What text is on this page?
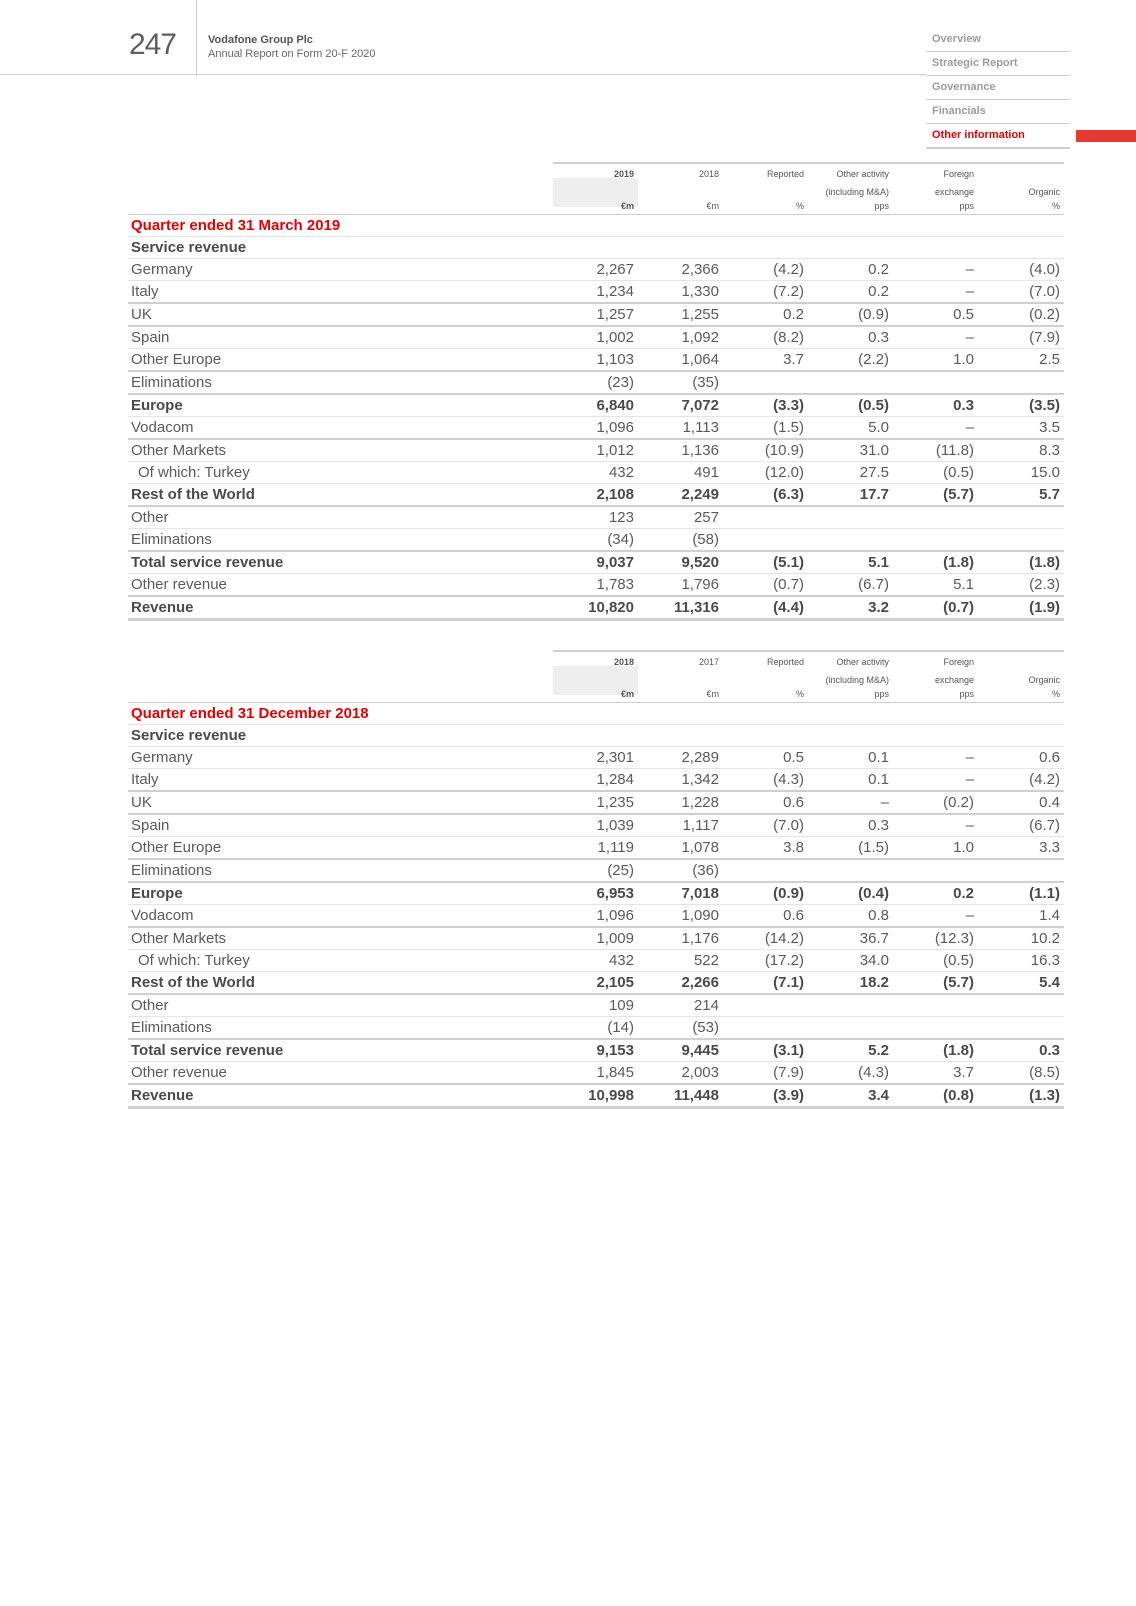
247	Vodafone Group Plc
Annual Report on Form 20-F 2020
Overview
Strategic Report
Governance
Financials
Other information
	2019	2018	Reported	Other activity	Foreign	
				(including M&A)	exchange	Organic
	€m	€m	%	pps	pps	%
Quarter ended 31 March 2019						
Service revenue						
Germany	2,267	2,366	(4.2)	0.2	–	(4.0)
Italy	1,234	1,330	(7.2)	0.2	–	(7.0)
UK	1,257	1,255	0.2	(0.9)	0.5	(0.2)
Spain	1,002	1,092	(8.2)	0.3	–	(7.9)
Other Europe	1,103	1,064	3.7	(2.2)	1.0	2.5
Eliminations	(23)	(35)				
Europe	6,840	7,072	(3.3)	(0.5)	0.3	(3.5)
Vodacom	1,096	1,113	(1.5)	5.0	–	3.5
Other Markets	1,012	1,136	(10.9)	31.0	(11.8)	8.3
Of which: Turkey	432	491	(12.0)	27.5	(0.5)	15.0
Rest of the World	2,108	2,249	(6.3)	17.7	(5.7)	5.7
Other	123	257				
Eliminations	(34)	(58)				
Total service revenue	9,037	9,520	(5.1)	5.1	(1.8)	(1.8)
Other revenue	1,783	1,796	(0.7)	(6.7)	5.1	(2.3)
Revenue	10,820	11,316	(4.4)	3.2	(0.7)	(1.9)
	2018	2017	Reported	Other activity	Foreign	
				(including M&A)	exchange	Organic
	€m	€m	%	pps	pps	%
Quarter ended 31 December 2018						
Service revenue						
Germany	2,301	2,289	0.5	0.1	–	0.6
Italy	1,284	1,342	(4.3)	0.1	–	(4.2)
UK	1,235	1,228	0.6	–	(0.2)	0.4
Spain	1,039	1,117	(7.0)	0.3	–	(6.7)
Other Europe	1,119	1,078	3.8	(1.5)	1.0	3.3
Eliminations	(25)	(36)				
Europe	6,953	7,018	(0.9)	(0.4)	0.2	(1.1)
Vodacom	1,096	1,090	0.6	0.8	–	1.4
Other Markets	1,009	1,176	(14.2)	36.7	(12.3)	10.2
Of which: Turkey	432	522	(17.2)	34.0	(0.5)	16.3
Rest of the World	2,105	2,266	(7.1)	18.2	(5.7)	5.4
Other	109	214				
Eliminations	(14)	(53)				
Total service revenue	9,153	9,445	(3.1)	5.2	(1.8)	0.3
Other revenue	1,845	2,003	(7.9)	(4.3)	3.7	(8.5)
Revenue	10,998	11,448	(3.9)	3.4	(0.8)	(1.3)
